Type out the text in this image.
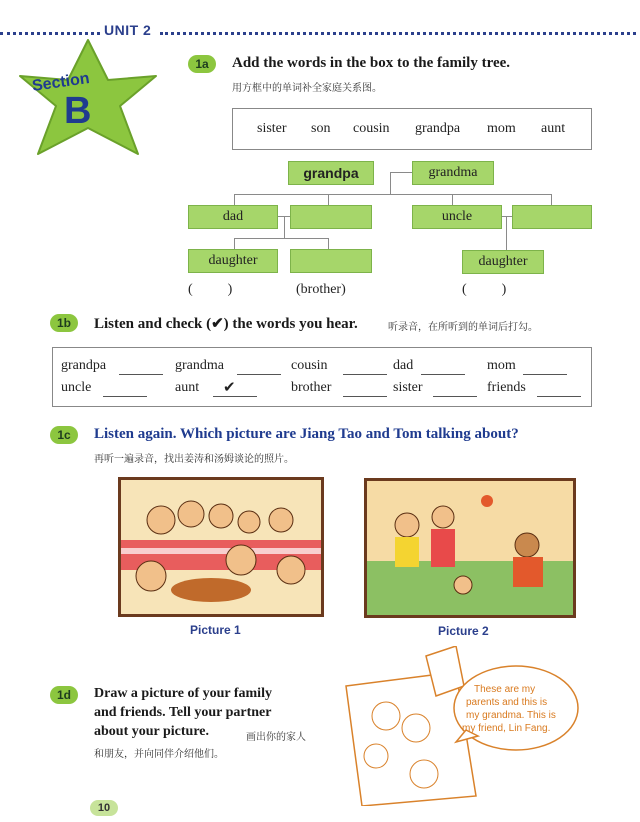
UNIT 2
Section
B
1a	Add the words in the box to the family tree.
用方框中的单词补全家庭关系图。
sister son cousin grandpa mom aunt
grandpa	grandma
dad	uncle
daughter	daughter
(          )	(brother)	(          )
1b	Listen and check (✔) the words you hear.	听录音，在所听到的单词后打勾。
grandpa	grandma	cousin	dad	mom
uncle	aunt ✔	brother	sister	friends
1c	Listen again. Which picture are Jiang Tao and Tom talking about?
再听一遍录音，找出姜涛和汤姆谈论的照片。
Picture 1	Picture 2
1d	Draw a picture of your family
and friends. Tell your partner
about your picture.	画出你的家人
和朋友，并向同伴介绍他们。
These are my
parents and this is
my grandma. This is
my friend, Lin Fang.
10
